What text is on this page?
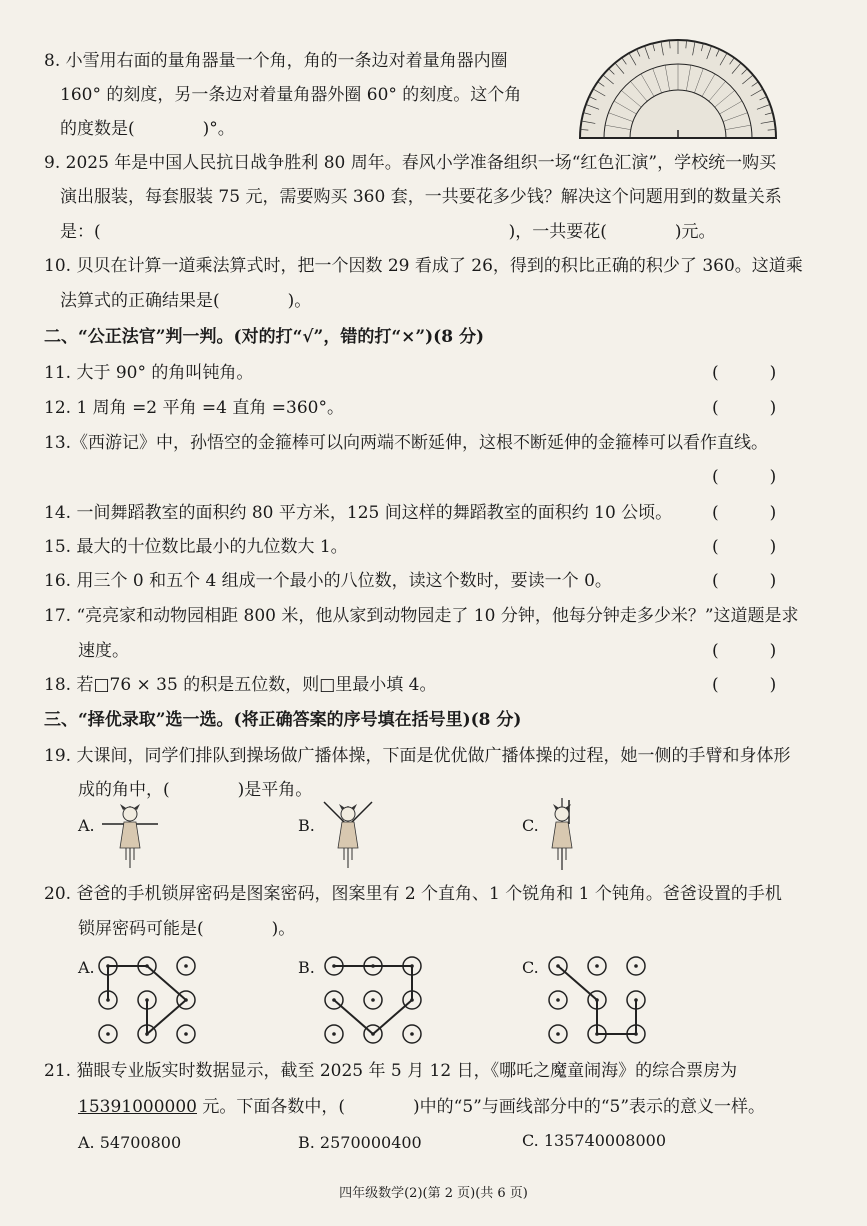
8. 小雪用右面的量角器量一个角，角的一条边对着量角器内圈
160° 的刻度，另一条边对着量角器外圈 60° 的刻度。这个角
的度数是(　　　　)°。
9. 2025 年是中国人民抗日战争胜利 80 周年。春风小学准备组织一场“红色汇演”，学校统一购买
演出服装，每套服装 75 元，需要购买 360 套，一共要花多少钱？解决这个问题用到的数量关系
是：(　　　　　　　　　　　　　　　　　　　　　　　　)，一共要花(　　　　)元。
10. 贝贝在计算一道乘法算式时，把一个因数 29 看成了 26，得到的积比正确的积少了 360。这道乘
法算式的正确结果是(　　　　)。
二、“公正法官”判一判。(对的打“√”，错的打“×”)(8 分)
11. 大于 90° 的角叫钝角。	(　　　)
12. 1 周角 =2 平角 =4 直角 =360°。	(　　　)
13.《西游记》中，孙悟空的金箍棒可以向两端不断延伸，这根不断延伸的金箍棒可以看作直线。
(　　　)
14. 一间舞蹈教室的面积约 80 平方米，125 间这样的舞蹈教室的面积约 10 公顷。 (　　　)
15. 最大的十位数比最小的九位数大 1。	(　　　)
16. 用三个 0 和五个 4 组成一个最小的八位数，读这个数时，要读一个 0。	(　　　)
17. “亮亮家和动物园相距 800 米，他从家到动物园走了 10 分钟，他每分钟走多少米？”这道题是求
速度。	(　　　)
18. 若□76 × 35 的积是五位数，则□里最小填 4。	(　　　)
三、“择优录取”选一选。(将正确答案的序号填在括号里)(8 分)
19. 大课间，同学们排队到操场做广播体操，下面是优优做广播体操的过程，她一侧的手臂和身体形
成的角中，(　　　　)是平角。
A.	B.	C.
20. 爸爸的手机锁屏密码是图案密码，图案里有 2 个直角、1 个锐角和 1 个钝角。爸爸设置的手机
锁屏密码可能是(　　　　)。
A.	B.	C.
21. 猫眼专业版实时数据显示，截至 2025 年 5 月 12 日，《哪吒之魔童闹海》的综合票房为
15391000000 元。下面各数中，(　　　　)中的“5”与画线部分中的“5”表示的意义一样。
A. 54700800	B. 2570000400	C. 135740008000
四年级数学(2)(第 2 页)(共 6 页)
